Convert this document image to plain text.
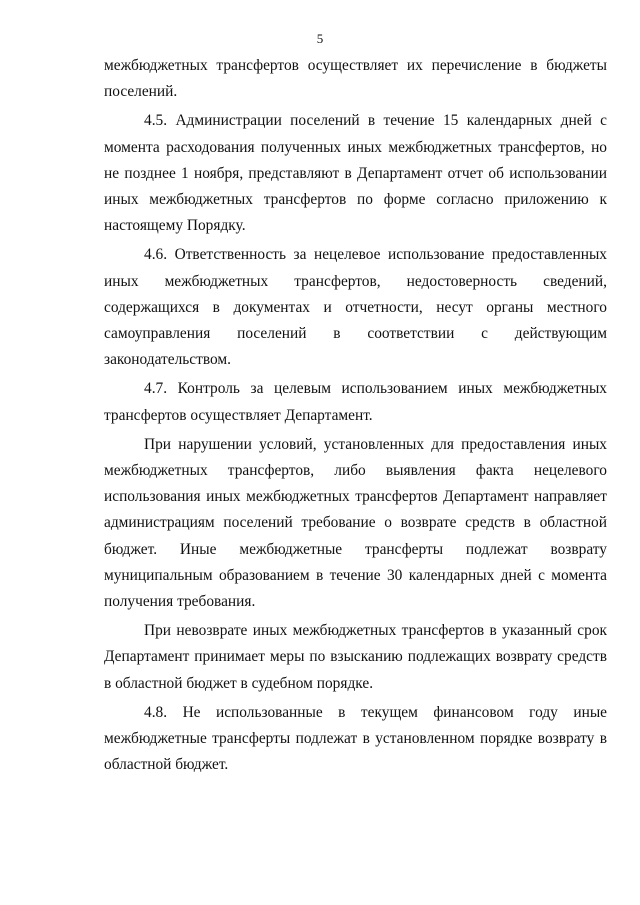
5

межбюджетных трансфертов осуществляет их перечисление в бюджеты поселений.

4.5. Администрации поселений в течение 15 календарных дней с момента расходования полученных иных межбюджетных трансфертов, но не позднее 1 ноября, представляют в Департамент отчет об использовании иных межбюджетных трансфертов по форме согласно приложению к настоящему Порядку.

4.6. Ответственность за нецелевое использование предоставленных иных межбюджетных трансфертов, недостоверность сведений, содержащихся в документах и отчетности, несут органы местного самоуправления поселений в соответствии с действующим законодательством.

4.7. Контроль за целевым использованием иных межбюджетных трансфертов осуществляет Департамент.

При нарушении условий, установленных для предоставления иных межбюджетных трансфертов, либо выявления факта нецелевого использования иных межбюджетных трансфертов Департамент направляет администрациям поселений требование о возврате средств в областной бюджет. Иные межбюджетные трансферты подлежат возврату муниципальным образованием в течение 30 календарных дней с момента получения требования.

При невозврате иных межбюджетных трансфертов в указанный срок Департамент принимает меры по взысканию подлежащих возврату средств в областной бюджет в судебном порядке.

4.8. Не использованные в текущем финансовом году иные межбюджетные трансферты подлежат в установленном порядке возврату в областной бюджет.
